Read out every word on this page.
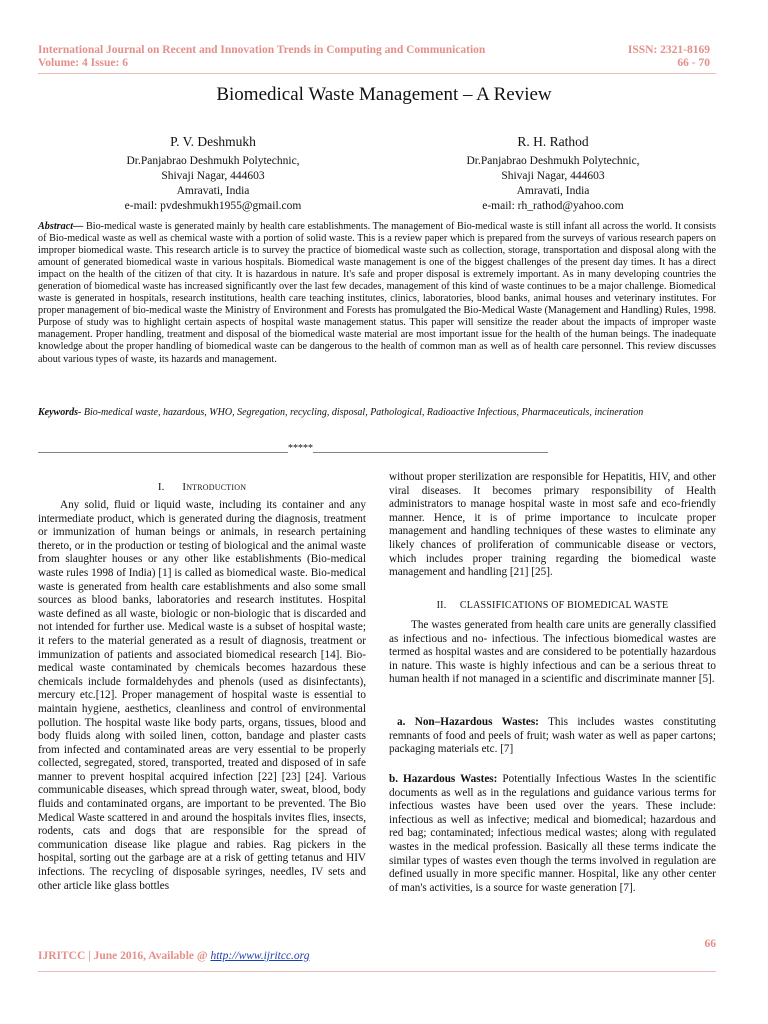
International Journal on Recent and Innovation Trends in Computing and Communication	ISSN: 2321-8169
Volume: 4 Issue: 6	66 - 70
Biomedical Waste Management – A Review
P. V. Deshmukh
Dr.Panjabrao Deshmukh Polytechnic,
Shivaji Nagar, 444603
Amravati, India
e-mail: pvdeshmukh1955@gmail.com
R. H. Rathod
Dr.Panjabrao Deshmukh Polytechnic,
Shivaji Nagar, 444603
Amravati, India
e-mail: rh_rathod@yahoo.com
Abstract— Bio-medical waste is generated mainly by health care establishments. The management of Bio-medical waste is still infant all across the world. It consists of Bio-medical waste as well as chemical waste with a portion of solid waste. This is a review paper which is prepared from the surveys of various research papers on improper biomedical waste. This research article is to survey the practice of biomedical waste such as collection, storage, transportation and disposal along with the amount of generated biomedical waste in various hospitals. Biomedical waste management is one of the biggest challenges of the present day times. It has a direct impact on the health of the citizen of that city. It is hazardous in nature. It's safe and proper disposal is extremely important. As in many developing countries the generation of biomedical waste has increased significantly over the last few decades, management of this kind of waste continues to be a major challenge. Biomedical waste is generated in hospitals, research institutions, health care teaching institutes, clinics, laboratories, blood banks, animal houses and veterinary institutes. For proper management of bio-medical waste the Ministry of Environment and Forests has promulgated the Bio-Medical Waste (Management and Handling) Rules, 1998. Purpose of study was to highlight certain aspects of hospital waste management status. This paper will sensitize the reader about the impacts of improper waste management. Proper handling, treatment and disposal of the biomedical waste material are most important issue for the health of the human beings. The inadequate knowledge about the proper handling of biomedical waste can be dangerous to the health of common man as well as of health care personnel. This review discusses about various types of waste, its hazards and management.
Keywords- Bio-medical waste, hazardous, WHO, Segregation, recycling, disposal, Pathological, Radioactive Infectious, Pharmaceuticals, incineration
__________________________________________________*****_______________________________________________
I. Introduction
Any solid, fluid or liquid waste, including its container and any intermediate product, which is generated during the diagnosis, treatment or immunization of human beings or animals, in research pertaining thereto, or in the production or testing of biological and the animal waste from slaughter houses or any other like establishments (Bio-medical waste rules 1998 of India) [1] is called as biomedical waste. Bio-medical waste is generated from health care establishments and also some small sources as blood banks, laboratories and research institutes. Hospital waste defined as all waste, biologic or non-biologic that is discarded and not intended for further use. Medical waste is a subset of hospital waste; it refers to the material generated as a result of diagnosis, treatment or immunization of patients and associated biomedical research [14]. Bio-medical waste contaminated by chemicals becomes hazardous these chemicals include formaldehydes and phenols (used as disinfectants), mercury etc.[12]. Proper management of hospital waste is essential to maintain hygiene, aesthetics, cleanliness and control of environmental pollution. The hospital waste like body parts, organs, tissues, blood and body fluids along with soiled linen, cotton, bandage and plaster casts from infected and contaminated areas are very essential to be properly collected, segregated, stored, transported, treated and disposed of in safe manner to prevent hospital acquired infection [22] [23] [24]. Various communicable diseases, which spread through water, sweat, blood, body fluids and contaminated organs, are important to be prevented. The Bio Medical Waste scattered in and around the hospitals invites flies, insects, rodents, cats and dogs that are responsible for the spread of communication disease like plague and rabies. Rag pickers in the hospital, sorting out the garbage are at a risk of getting tetanus and HIV infections. The recycling of disposable syringes, needles, IV sets and other article like glass bottles
without proper sterilization are responsible for Hepatitis, HIV, and other viral diseases. It becomes primary responsibility of Health administrators to manage hospital waste in most safe and eco-friendly manner. Hence, it is of prime importance to inculcate proper management and handling techniques of these wastes to eliminate any likely chances of proliferation of communicable disease or vectors, which includes proper training regarding the biomedical waste management and handling [21] [25].
II. CLASSIFICATIONS OF BIOMEDICAL WASTE
The wastes generated from health care units are generally classified as infectious and no- infectious. The infectious biomedical wastes are termed as hospital wastes and are considered to be potentially hazardous in nature. This waste is highly infectious and can be a serious threat to human health if not managed in a scientific and discriminate manner [5].
a. Non–Hazardous Wastes: This includes wastes constituting remnants of food and peels of fruit; wash water as well as paper cartons; packaging materials etc. [7]
b. Hazardous Wastes: Potentially Infectious Wastes In the scientific documents as well as in the regulations and guidance various terms for infectious wastes have been used over the years. These include: infectious as well as infective; medical and biomedical; hazardous and red bag; contaminated; infectious medical wastes; along with regulated wastes in the medical profession. Basically all these terms indicate the similar types of wastes even though the terms involved in regulation are defined usually in more specific manner. Hospital, like any other center of man's activities, is a source for waste generation [7].
66
IJRITCC | June 2016, Available @ http://www.ijritcc.org
